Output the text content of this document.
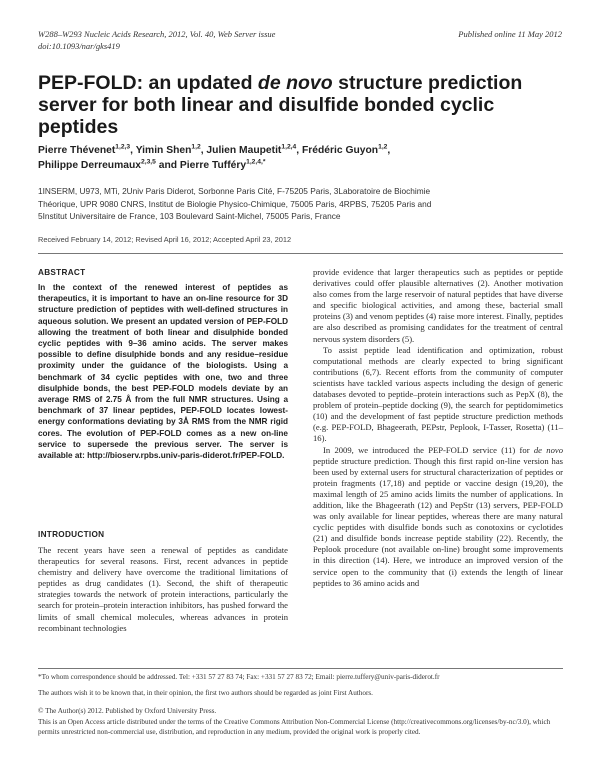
W288–W293 Nucleic Acids Research, 2012, Vol. 40, Web Server issue
doi:10.1093/nar/gks419
Published online 11 May 2012
PEP-FOLD: an updated de novo structure prediction server for both linear and disulfide bonded cyclic peptides
Pierre Thévenet$^{1,2,3}$, Yimin Shen$^{1,2}$, Julien Maupetit$^{1,2,4}$, Frédéric Guyon$^{1,2}$,
Philippe Derreumaux$^{2,3,5}$ and Pierre Tufféry$^{1,2,4,*}$
1INSERM, U973, MTi, 2Univ Paris Diderot, Sorbonne Paris Cité, F-75205 Paris, 3Laboratoire de Biochimie
Théorique, UPR 9080 CNRS, Institut de Biologie Physico-Chimique, 75005 Paris, 4RPBS, 75205 Paris and
5Institut Universitaire de France, 103 Boulevard Saint-Michel, 75005 Paris, France
Received February 14, 2012; Revised April 16, 2012; Accepted April 23, 2012
ABSTRACT
In the context of the renewed interest of peptides as therapeutics, it is important to have an on-line resource for 3D structure prediction of peptides with well-defined structures in aqueous solution. We present an updated version of PEP-FOLD allowing the treatment of both linear and disulphide bonded cyclic peptides with 9–36 amino acids. The server makes possible to define disulphide bonds and any residue–residue proximity under the guidance of the biologists. Using a benchmark of 34 cyclic peptides with one, two and three disulphide bonds, the best PEP-FOLD models deviate by an average RMS of 2.75 Å from the full NMR structures. Using a benchmark of 37 linear peptides, PEP-FOLD locates lowest-energy conformations deviating by 3Å RMS from the NMR rigid cores. The evolution of PEP-FOLD comes as a new on-line service to supersede the previous server. The server is available at: http://bioserv.rpbs.univ-paris-diderot.fr/PEP-FOLD.
INTRODUCTION

The recent years have seen a renewal of peptides as candidate therapeutics for several reasons. First, recent advances in peptide chemistry and delivery have overcome the traditional limitations of peptides as drug candidates (1). Second, the shift of therapeutic strategies towards the network of protein interactions, particularly the search for protein–protein interaction inhibitors, has pushed forward the limits of small chemical molecules, whereas advances in protein recombinant technologies

provide evidence that larger therapeutics such as peptides or peptide derivatives could offer plausible alternatives (2). Another motivation also comes from the large reservoir of natural peptides that have diverse and specific biological activities, and among these, bacterial small proteins (3) and venom peptides (4) raise more interest. Finally, peptides are also described as promising candidates for the treatment of central nervous system disorders (5).

To assist peptide lead identification and optimization, robust computational methods are clearly expected to bring significant contributions (6,7). Recent efforts from the community of computer scientists have tackled various aspects including the design of generic databases devoted to peptide–protein interactions such as PepX (8), the problem of protein–peptide docking (9), the search for peptidomimetics (10) and the development of fast peptide structure prediction methods (e.g. PEP-FOLD, Bhageerath, PEPstr, Peplook, I-Tasser, Rosetta) (11–16).

In 2009, we introduced the PEP-FOLD service (11) for de novo peptide structure prediction. Though this first rapid on-line version has been used by external users for structural characterization of peptides or protein fragments (17,18) and peptide or vaccine design (19,20), the maximal length of 25 amino acids limits the number of applications. In addition, like the Bhageerath (12) and PepStr (13) servers, PEP-FOLD was only available for linear peptides, whereas there are many natural cyclic peptides with disulfide bonds such as conotoxins or cyclotides (21) and disulfide bonds increase peptide stability (22). Recently, the Peplook procedure (not available on-line) brought some improvements in this direction (14). Here, we introduce an improved version of the service open to the community that (i) extends the length of linear peptides to 36 amino acids and

*To whom correspondence should be addressed. Tel: +331 57 27 83 74; Fax: +331 57 27 83 72; Email: pierre.tuffery@univ-paris-diderot.fr
The authors wish it to be known that, in their opinion, the first two authors should be regarded as joint First Authors.
© The Author(s) 2012. Published by Oxford University Press.
This is an Open Access article distributed under the terms of the Creative Commons Attribution Non-Commercial License (http://creativecommons.org/licenses/by-nc/3.0), which permits unrestricted non-commercial use, distribution, and reproduction in any medium, provided the original work is properly cited.
